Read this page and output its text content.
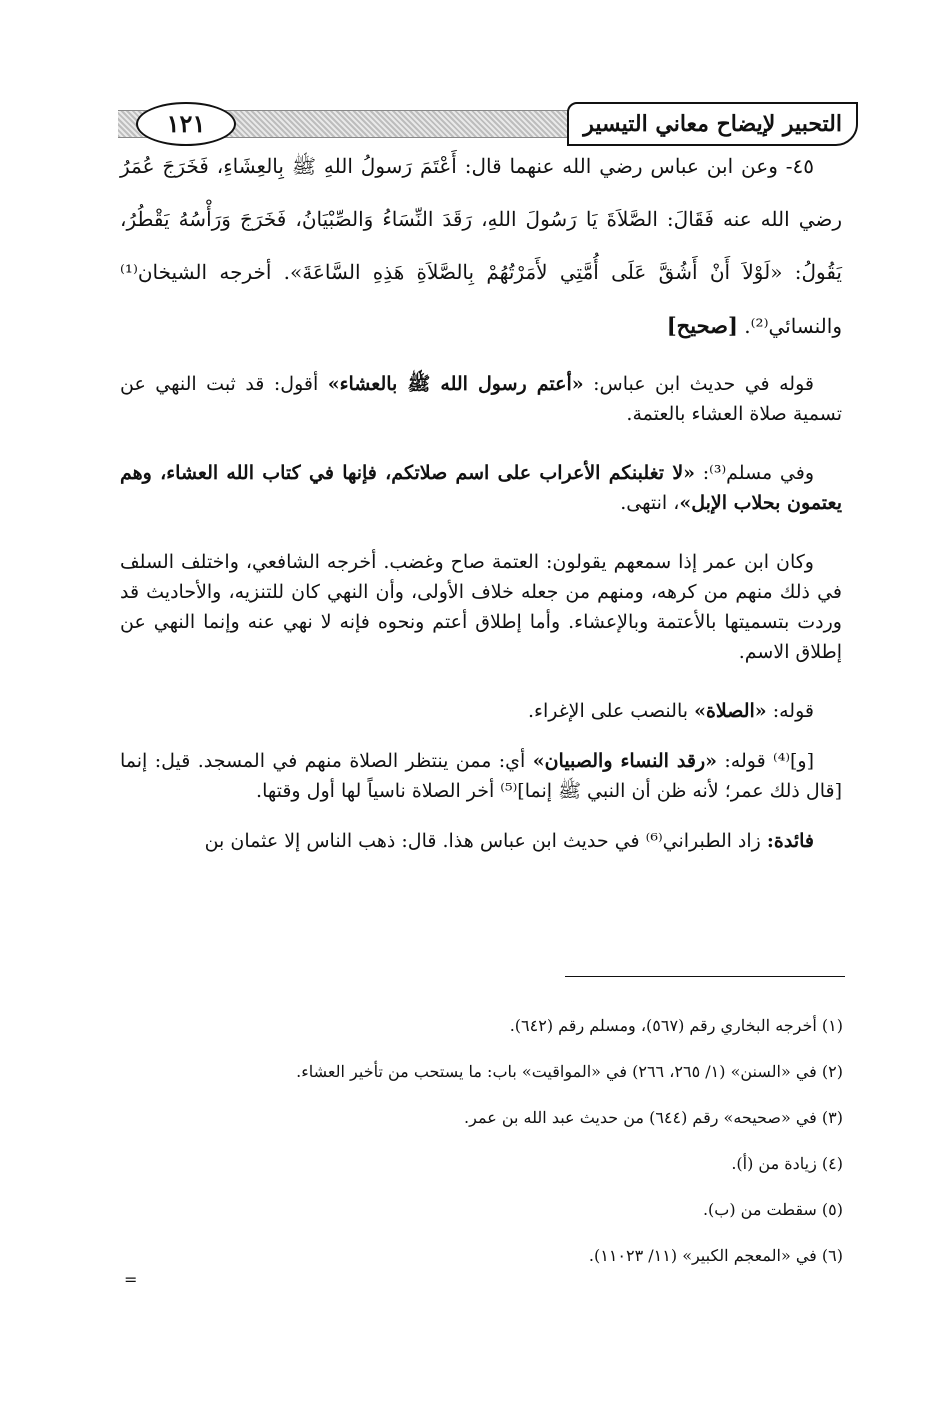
١٢١	التحبير لإيضاح معاني التيسير

٤٥- وعن ابن عباس رضي الله عنهما قال: أَعْتَمَ رَسولُ اللهِ ﷺ بِالعِشَاءِ، فَخَرَجَ عُمَرُ رضي الله عنه فَقَالَ: الصَّلاَةَ يَا رَسُولَ اللهِ، رَقَدَ النِّسَاءُ وَالصِّبْيَانُ، فَخَرَجَ وَرَأْسُهُ يَقْطُرُ، يَقُولُ: «لَوْلاَ أَنْ أَشُقَّ عَلَى أُمَّتِي لأَمَرْتُهُمْ بِالصَّلاَةِ هَذِهِ السَّاعَةَ». أخرجه الشيخان⁽¹⁾ والنسائي⁽²⁾. [صحيح]

قوله في حديث ابن عباس: «أعتم رسول الله ﷺ بالعشاء» أقول: قد ثبت النهي عن تسمية صلاة العشاء بالعتمة.

وفي مسلم⁽³⁾: «لا تغلبنكم الأعراب على اسم صلاتكم، فإنها في كتاب الله العشاء، وهم يعتمون بحلاب الإبل»، انتهى.

وكان ابن عمر إذا سمعهم يقولون: العتمة صاح وغضب. أخرجه الشافعي، واختلف السلف في ذلك منهم من كرهه، ومنهم من جعله خلاف الأولى، وأن النهي كان للتنزيه، والأحاديث قد وردت بتسميتها بالأعتمة وبالإعشاء. وأما إطلاق أعتم ونحوه فإنه لا نهي عنه وإنما النهي عن إطلاق الاسم.

قوله: «الصلاة» بالنصب على الإغراء.

[و]⁽⁴⁾ قوله: «رقد النساء والصبيان» أي: ممن ينتظر الصلاة منهم في المسجد. قيل: إنما [قال ذلك عمر؛ لأنه ظن أن النبي ﷺ إنما]⁽⁵⁾ أخر الصلاة ناسياً لها أول وقتها.

فائدة: زاد الطبراني⁽⁶⁾ في حديث ابن عباس هذا. قال: ذهب الناس إلا عثمان بن

(١) أخرجه البخاري رقم (٥٦٧)، ومسلم رقم (٦٤٢).
(٢) في «السنن» (١/ ٢٦٥، ٢٦٦) في «المواقيت» باب: ما يستحب من تأخير العشاء.
(٣) في «صحيحه» رقم (٦٤٤) من حديث عبد الله بن عمر.
(٤) زيادة من (أ).
(٥) سقطت من (ب).
(٦) في «المعجم الكبير» (١١/ ١١٠٢٣).
=
